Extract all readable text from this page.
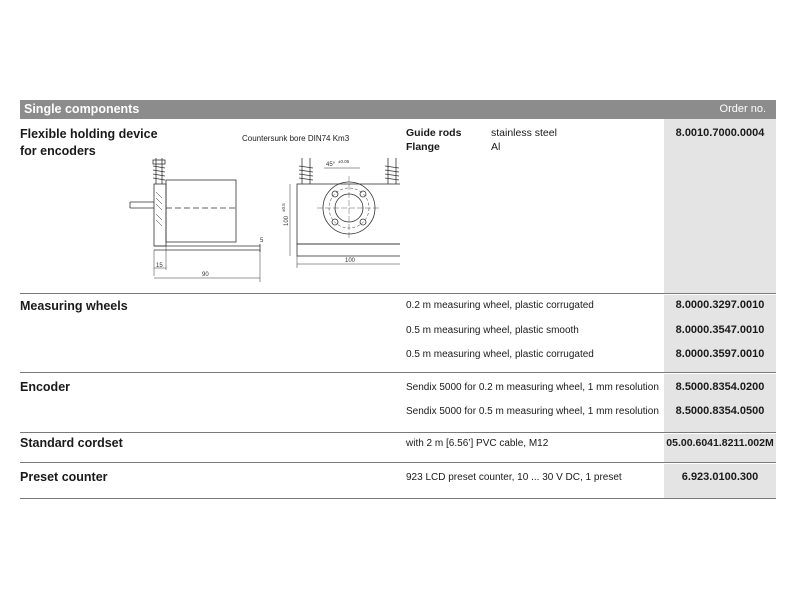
Single components	Order no.
Flexible holding device
for encoders
Guide rods	stainless steel
Flange	Al
8.0010.7000.0004
Countersunk bore DIN74 Km3
15
90
5
100
100
±0.5
45°
±0.05
Measuring wheels	0.2 m measuring wheel, plastic corrugated	8.0000.3297.0010
0.5 m measuring wheel, plastic smooth	8.0000.3547.0010
0.5 m measuring wheel, plastic corrugated	8.0000.3597.0010
Encoder	Sendix 5000 for 0.2 m measuring wheel, 1 mm resolution	8.5000.8354.0200
Sendix 5000 for 0.5 m measuring wheel, 1 mm resolution	8.5000.8354.0500
Standard cordset	with 2 m [6.56’] PVC cable, M12	05.00.6041.8211.002M
Preset counter	923 LCD preset counter, 10 ... 30 V DC, 1 preset	6.923.0100.300
